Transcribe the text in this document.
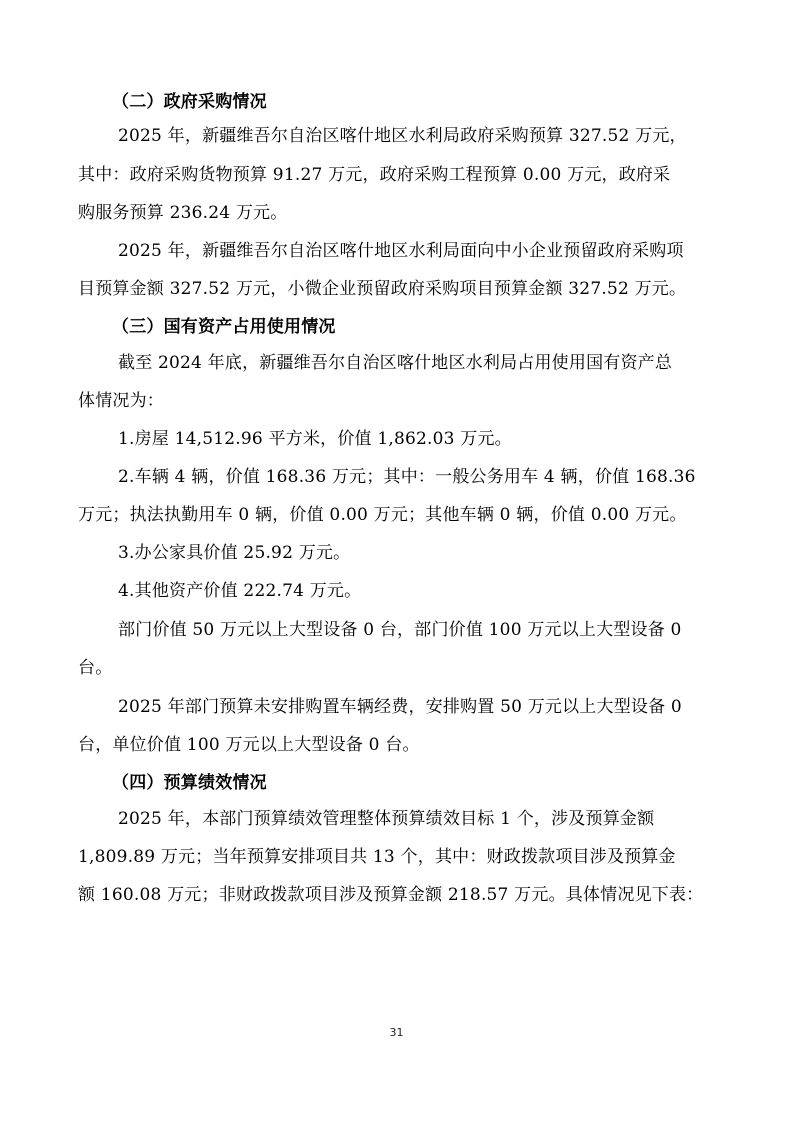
（二）政府采购情况
2025 年，新疆维吾尔自治区喀什地区水利局政府采购预算 327.52 万元，
其中：政府采购货物预算 91.27 万元，政府采购工程预算 0.00 万元，政府采
购服务预算 236.24 万元。
2025 年，新疆维吾尔自治区喀什地区水利局面向中小企业预留政府采购项
目预算金额 327.52 万元，小微企业预留政府采购项目预算金额 327.52 万元。
（三）国有资产占用使用情况
截至 2024 年底，新疆维吾尔自治区喀什地区水利局占用使用国有资产总
体情况为：
1.房屋 14,512.96 平方米，价值 1,862.03 万元。
2.车辆 4 辆，价值 168.36 万元；其中：一般公务用车 4 辆，价值 168.36
万元；执法执勤用车 0 辆，价值 0.00 万元；其他车辆 0 辆，价值 0.00 万元。
3.办公家具价值 25.92 万元。
4.其他资产价值 222.74 万元。
部门价值 50 万元以上大型设备 0 台，部门价值 100 万元以上大型设备 0
台。
2025 年部门预算未安排购置车辆经费，安排购置 50 万元以上大型设备 0
台，单位价值 100 万元以上大型设备 0 台。
（四）预算绩效情况
2025 年，本部门预算绩效管理整体预算绩效目标 1 个，涉及预算金额
1,809.89 万元；当年预算安排项目共 13 个，其中：财政拨款项目涉及预算金
额 160.08 万元；非财政拨款项目涉及预算金额 218.57 万元。具体情况见下表：
31
